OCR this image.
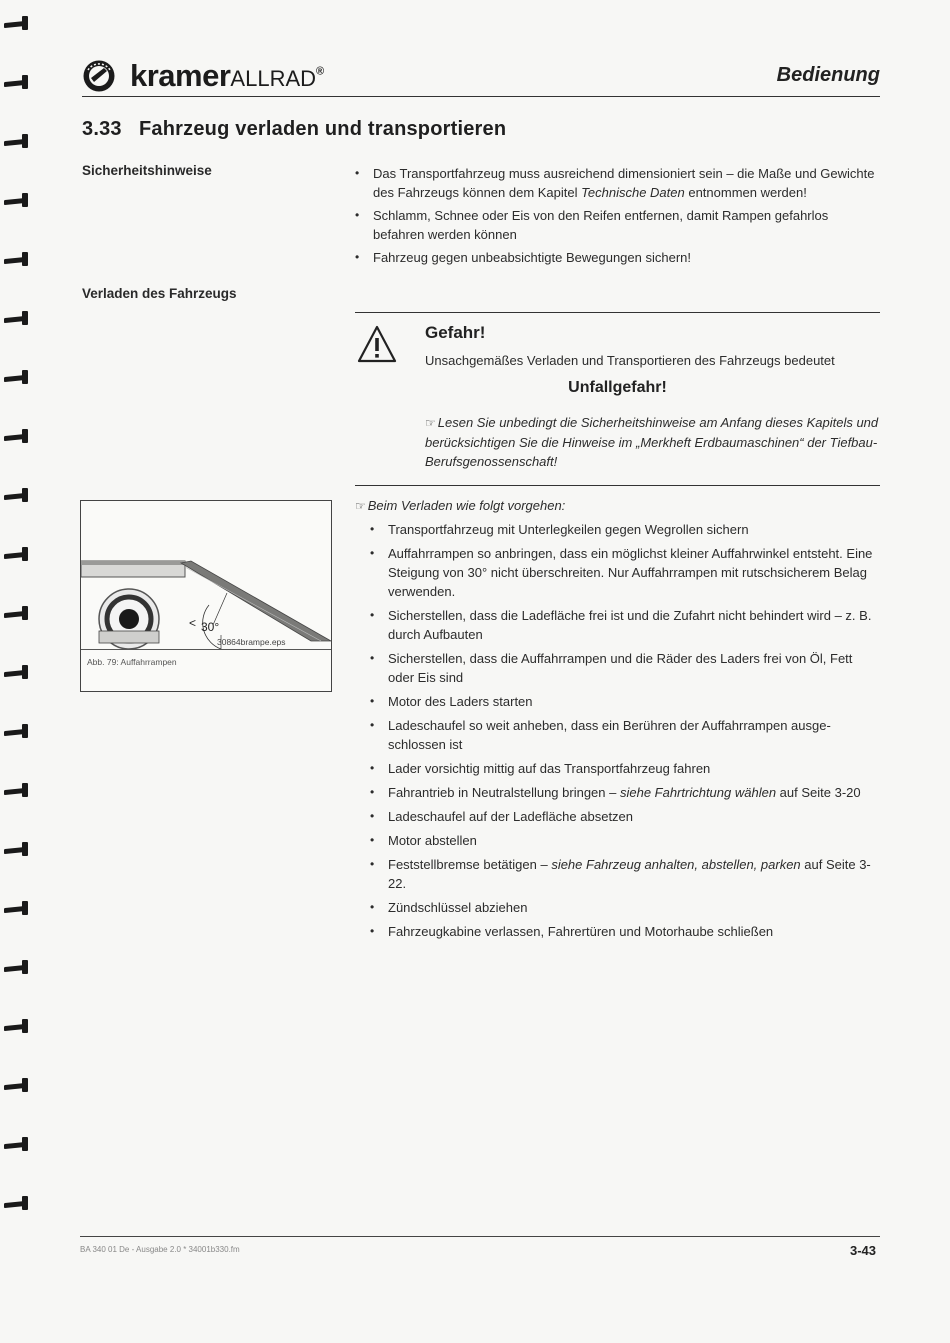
kramerALLRAD®	Bedienung
3.33 Fahrzeug verladen und transportieren
Sicherheitshinweise
•	Das Transportfahrzeug muss ausreichend dimensioniert sein – die Maße und Gewichte des Fahrzeugs können dem Kapitel Technische Daten entnommen werden!
• Schlamm, Schnee oder Eis von den Reifen entfernen, damit Rampen gefahrlos befahren werden können
• Fahrzeug gegen unbeabsichtigte Bewegungen sichern!
Verladen des Fahrzeugs
Gefahr!
Unsachgemäßes Verladen und Transportieren des Fahrzeugs bedeutet
Unfallgefahr!
☞ Lesen Sie unbedingt die Sicherheitshinweise am Anfang dieses Kapitels und berücksichtigen Sie die Hinweise im „Merkheft Erdbaumaschinen“ der Tiefbau-Berufsgenossenschaft!
☞ Beim Verladen wie folgt vorgehen:
• Transportfahrzeug mit Unterlegkeilen gegen Wegrollen sichern
• Auffahrrampen so anbringen, dass ein möglichst kleiner Auffahrwinkel entsteht. Eine Steigung von 30° nicht überschreiten. Nur Auffahrrampen mit rutschsicherem Belag verwenden.
• Sicherstellen, dass die Ladefläche frei ist und die Zufahrt nicht behindert wird – z. B. durch Aufbauten
• Sicherstellen, dass die Auffahrrampen und die Räder des Laders frei von Öl, Fett oder Eis sind
• Motor des Laders starten
• Ladeschaufel so weit anheben, dass ein Berühren der Auffahrrampen ausge-schlossen ist
• Lader vorsichtig mittig auf das Transportfahrzeug fahren
• Fahrantrieb in Neutralstellung bringen – siehe Fahrtrichtung wählen auf Seite 3-20
• Ladeschaufel auf der Ladefläche absetzen
• Motor abstellen
• Feststellbremse betätigen – siehe Fahrzeug anhalten, abstellen, parken auf Seite 3-22.
• Zündschlüssel abziehen
• Fahrzeugkabine verlassen, Fahrertüren und Motorhaube schließen
< 30°
30864brampe.eps
Abb. 79: Auffahrrampen
BA 340 01 De - Ausgabe 2.0 * 34001b330.fm	3-43
